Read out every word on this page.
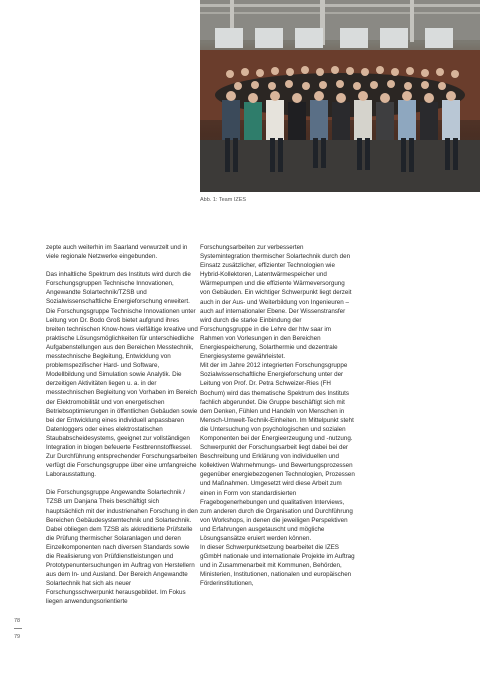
Abb. 1: Team IZES

zepte auch weiterhin im Saarland verwurzelt und in viele regionale Netzwerke eingebunden.

Das inhaltliche Spektrum des Instituts wird durch die Forschungsgruppen Technische Innovationen, Angewandte Solartechnik/TZSB und Sozialwissenschaftliche Energieforschung erweitert. Die Forschungsgruppe Technische Innovationen unter Leitung von Dr. Bodo Groß bietet aufgrund ihres breiten technischen Know-hows vielfältige kreative und praktische Lösungsmöglichkeiten für unterschiedliche Aufgabenstellungen aus den Bereichen Messtechnik, messtechnische Begleitung, Entwicklung von problemspezifischer Hard- und Software, Modellbildung und Simulation sowie Analytik. Die derzeitigen Aktivitäten liegen u. a. in der messtechnischen Begleitung von Vorhaben im Bereich der Elektromobilität und von energetischen Betriebsoptimierungen in öffentlichen Gebäuden sowie bei der Entwicklung eines individuell anpassbaren Datenloggers oder eines elektrostatischen Staubabscheidesystems, geeignet zur vollständigen Integration in biogen befeuerte Festbrennstoffkessel. Zur Durchführung entsprechender Forschungsarbeiten verfügt die Forschungsgruppe über eine umfangreiche Laborausstattung.

Die Forschungsgruppe Angewandte Solartechnik / TZSB um Danjana Theis beschäftigt sich hauptsächlich mit der industrienahen Forschung in den Bereichen Gebäudesystemtechnik und Solartechnik. Dabei obliegen dem TZSB als akkreditierte Prüfstelle die Prüfung thermischer Solaranlagen und deren Einzelkomponenten nach diversen Standards sowie die Realisierung von Prüfdienstleistungen und Prototypenuntersuchungen im Auftrag von Herstellern aus dem In- und Ausland. Der Bereich Angewandte Solartechnik hat sich als neuer Forschungsschwerpunkt herausgebildet. Im Fokus liegen anwendungsorientierte

Forschungsarbeiten zur verbesserten Systemintegration thermischer Solartechnik durch den Einsatz zusätzlicher, effizienter Technologien wie Hybrid-Kollektoren, Latentwärmespeicher und Wärmepumpen und die effiziente Wärmeversorgung von Gebäuden. Ein wichtiger Schwerpunkt liegt derzeit auch in der Aus- und Weiterbildung von Ingenieuren – auch auf internationaler Ebene. Der Wissenstransfer wird durch die starke Einbindung der Forschungsgruppe in die Lehre der htw saar im Rahmen von Vorlesungen in den Bereichen Energiespeicherung, Solarthermie und dezentrale Energiesysteme gewährleistet.

Mit der im Jahre 2012 integrierten Forschungsgruppe Sozialwissenschaftliche Energieforschung unter der Leitung von Prof. Dr. Petra Schweizer-Ries (FH Bochum) wird das thematische Spektrum des Instituts fachlich abgerundet. Die Gruppe beschäftigt sich mit dem Denken, Fühlen und Handeln von Menschen in Mensch-Umwelt-Technik-Einheiten. Im Mittelpunkt steht die Untersuchung von psychologischen und sozialen Komponenten bei der Energieerzeugung und -nutzung. Schwerpunkt der Forschungsarbeit liegt dabei bei der Beschreibung und Erklärung von individuellen und kollektiven Wahrnehmungs- und Bewertungsprozessen gegenüber energiebezogenen Technologien, Prozessen und Maßnahmen. Umgesetzt wird diese Arbeit zum einen in Form von standardisierten Fragebogenerhebungen und qualitativen Interviews, zum anderen durch die Organisation und Durchführung von Workshops, in denen die jeweiligen Perspektiven und Erfahrungen ausgetauscht und mögliche Lösungsansätze eruiert werden können.

In dieser Schwerpunktsetzung bearbeitet die IZES gGmbH nationale und internationale Projekte im Auftrag und in Zusammenarbeit mit Kommunen, Behörden, Ministerien, Institutionen, nationalen und europäischen Förderinstitutionen,

78
79
